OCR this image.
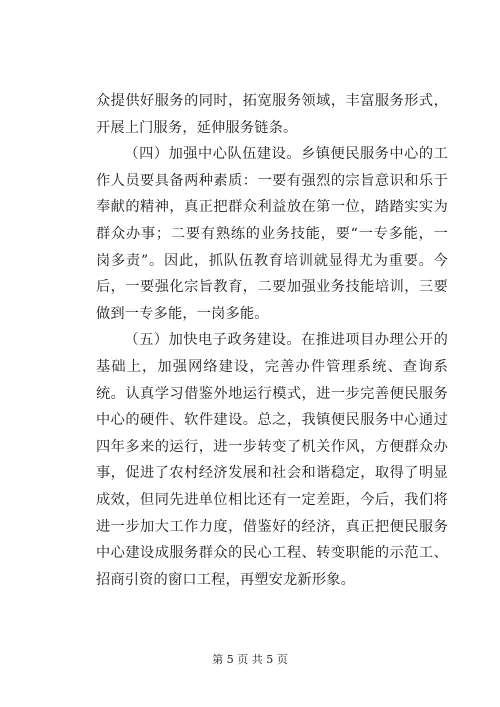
众提供好服务的同时，拓宽服务领域，丰富服务形式，开展上门服务，延伸服务链条。

（四）加强中心队伍建设。乡镇便民服务中心的工作人员要具备两种素质：一要有强烈的宗旨意识和乐于奉献的精神，真正把群众利益放在第一位，踏踏实实为群众办事；二要有熟练的业务技能，要“一专多能，一岗多责”。因此，抓队伍教育培训就显得尤为重要。今后，一要强化宗旨教育，二要加强业务技能培训，三要做到一专多能，一岗多能。

（五）加快电子政务建设。在推进项目办理公开的基础上，加强网络建设，完善办件管理系统、查询系统。认真学习借鉴外地运行模式，进一步完善便民服务中心的硬件、软件建设。总之，我镇便民服务中心通过四年多来的运行，进一步转变了机关作风，方便群众办事，促进了农村经济发展和社会和谐稳定，取得了明显成效，但同先进单位相比还有一定差距，今后，我们将进一步加大工作力度，借鉴好的经济，真正把便民服务中心建设成服务群众的民心工程、转变职能的示范工、招商引资的窗口工程，再塑安龙新形象。

第 5 页 共 5 页
